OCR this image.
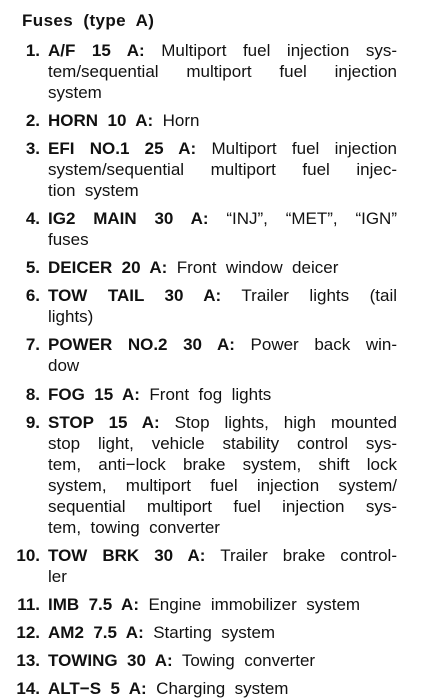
Fuses  (type  A)
1. A/F  15  A: Multiport  fuel  injection  sys-
tem/sequential  multiport  fuel  injection
system
2. HORN  10  A: Horn
3. EFI  NO.1  25  A: Multiport  fuel  injection
system/sequential  multiport  fuel  injec-
tion  system
4. IG2  MAIN  30  A: “INJ”,  “MET”,  “IGN”
fuses
5. DEICER  20  A: Front  window  deicer
6. TOW  TAIL  30  A: Trailer  lights  (tail
lights)
7. POWER  NO.2  30  A: Power  back  win-
dow
8. FOG  15  A: Front  fog  lights
9. STOP  15  A: Stop  lights,  high  mounted
stop  light,  vehicle  stability  control  sys-
tem,  anti−lock  brake  system,  shift  lock
system,  multiport  fuel  injection  system/
sequential  multiport  fuel  injection  sys-
tem,  towing  converter
10. TOW  BRK  30  A: Trailer  brake  control-
ler
11. IMB  7.5  A: Engine  immobilizer  system
12. AM2  7.5  A: Starting  system
13. TOWING  30  A: Towing  converter
14. ALT−S  5  A: Charging  system
